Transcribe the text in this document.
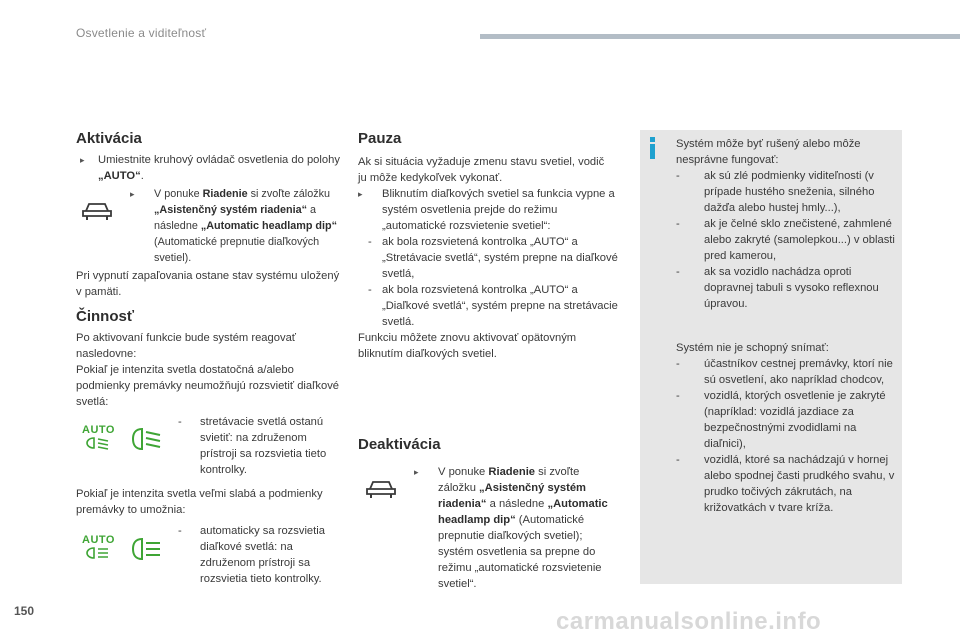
Osvetlenie a viditeľnosť
Aktivácia
▸	Umiestnite kruhový ovládač osvetlenia do polohy „AUTO“.
▸	V ponuke Riadenie si zvoľte záložku „Asistenčný systém riadenia“ a následne „Automatic headlamp dip“ (Automatické prepnutie diaľkových svetiel).
Pri vypnutí zapaľovania ostane stav systému uložený v pamäti.
Činnosť
Po aktivovaní funkcie bude systém reagovať nasledovne:
Pokiaľ je intenzita svetla dostatočná a/alebo podmienky premávky neumožňujú rozsvietiť diaľkové svetlá:
AUTO
-	stretávacie svetlá ostanú svietiť: na združenom prístroji sa rozsvietia tieto kontrolky.
Pokiaľ je intenzita svetla veľmi slabá a podmienky premávky to umožnia:
AUTO
-	automaticky sa rozsvietia diaľkové svetlá: na združenom prístroji sa rozsvietia tieto kontrolky.
Pauza
Ak si situácia vyžaduje zmenu stavu svetiel, vodič ju môže kedykoľvek vykonať.
▸	Bliknutím diaľkových svetiel sa funkcia vypne a systém osvetlenia prejde do režimu „automatické rozsvietenie svetiel“:
- ak bola rozsvietená kontrolka „AUTO“ a „Stretávacie svetlá“, systém prepne na diaľkové svetlá,
- ak bola rozsvietená kontrolka „AUTO“ a „Diaľkové svetlá“, systém prepne na stretávacie svetlá.
Funkciu môžete znovu aktivovať opätovným bliknutím diaľkových svetiel.
Deaktivácia
▸	V ponuke Riadenie si zvoľte záložku „Asistenčný systém riadenia“ a následne „Automatic headlamp dip“ (Automatické prepnutie diaľkových svetiel); systém osvetlenia sa prepne do režimu „automatické rozsvietenie svetiel“.
Systém môže byť rušený alebo môže nesprávne fungovať:
-	ak sú zlé podmienky viditeľnosti (v prípade hustého sneženia, silného dažďa alebo hustej hmly...),
-	ak je čelné sklo znečistené, zahmlené alebo zakryté (samolepkou...) v oblasti pred kamerou,
-	ak sa vozidlo nachádza oproti dopravnej tabuli s vysoko reflexnou úpravou.
Systém nie je schopný snímať:
-	účastníkov cestnej premávky, ktorí nie sú osvetlení, ako napríklad chodcov,
-	vozidlá, ktorých osvetlenie je zakryté (napríklad: vozidlá jazdiace za bezpečnostnými zvodidlami na diaľnici),
-	vozidlá, ktoré sa nachádzajú v hornej alebo spodnej časti prudkého svahu, v prudko točivých zákrutách, na križovatkách v tvare kríža.
150	carmanualsonline.info
